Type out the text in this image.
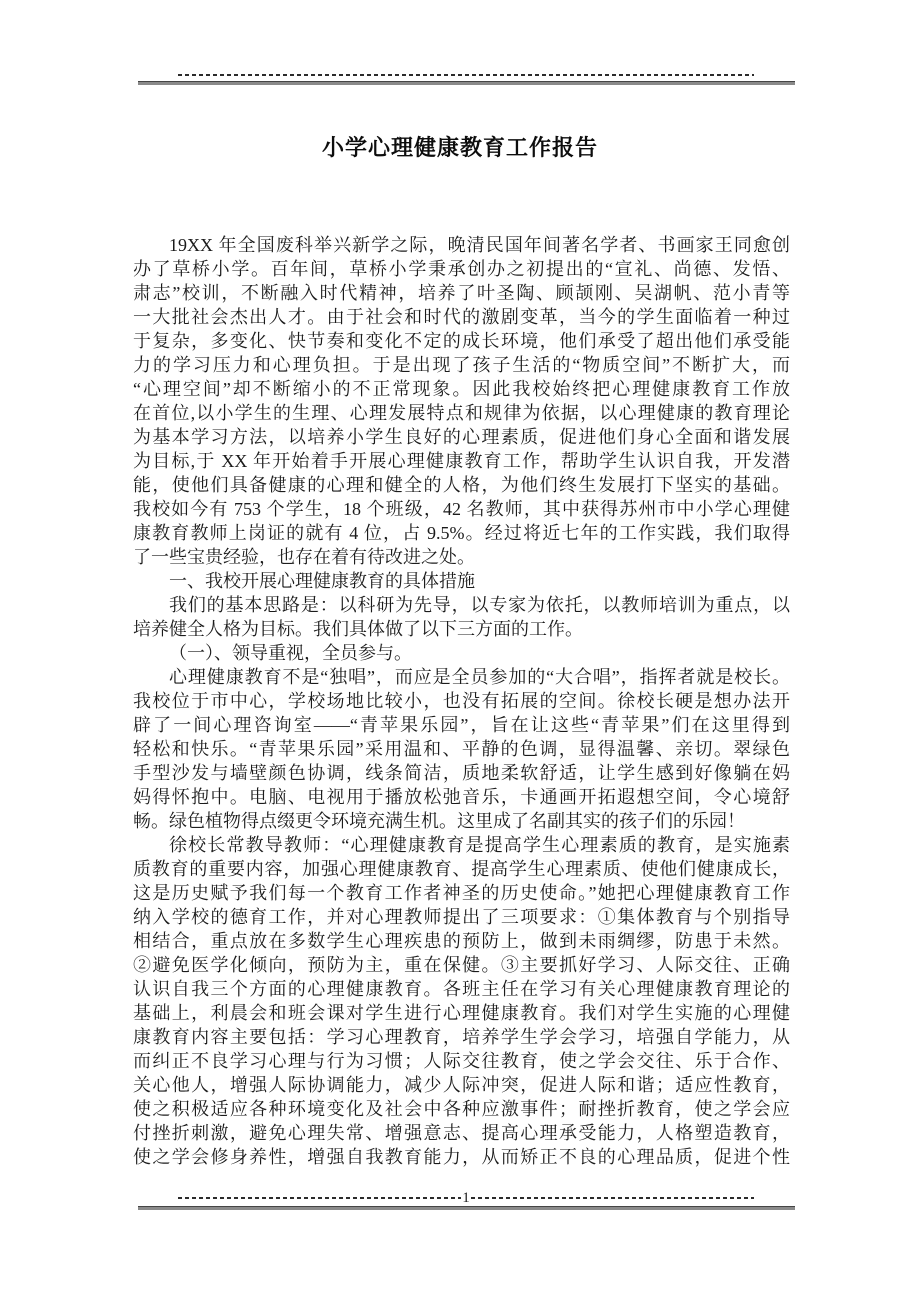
小学心理健康教育工作报告
19XX 年全国废科举兴新学之际，晚清民国年间著名学者、书画家王同愈创
办了草桥小学。百年间，草桥小学秉承创办之初提出的“宣礼、尚德、发悟、
肃志”校训，不断融入时代精神，培养了叶圣陶、顾颉刚、吴湖帆、范小青等
一大批社会杰出人才。由于社会和时代的激剧变革，当今的学生面临着一种过
于复杂，多变化、快节奏和变化不定的成长环境，他们承受了超出他们承受能
力的学习压力和心理负担。于是出现了孩子生活的“物质空间”不断扩大，而
“心理空间”却不断缩小的不正常现象。因此我校始终把心理健康教育工作放
在首位,以小学生的生理、心理发展特点和规律为依据，以心理健康的教育理论
为基本学习方法，以培养小学生良好的心理素质，促进他们身心全面和谐发展
为目标,于 XX 年开始着手开展心理健康教育工作，帮助学生认识自我，开发潜
能，使他们具备健康的心理和健全的人格，为他们终生发展打下坚实的基础。
我校如今有 753 个学生，18 个班级，42 名教师，其中获得苏州市中小学心理健
康教育教师上岗证的就有 4 位，占 9.5%。经过将近七年的工作实践，我们取得
了一些宝贵经验，也存在着有待改进之处。
一、我校开展心理健康教育的具体措施
我们的基本思路是：以科研为先导，以专家为依托，以教师培训为重点，以
培养健全人格为目标。我们具体做了以下三方面的工作。
（一）、领导重视，全员参与。
心理健康教育不是“独唱”，而应是全员参加的“大合唱”，指挥者就是校长。
我校位于市中心，学校场地比较小，也没有拓展的空间。徐校长硬是想办法开
辟了一间心理咨询室——“青苹果乐园”，旨在让这些“青苹果”们在这里得到
轻松和快乐。“青苹果乐园”采用温和、平静的色调，显得温馨、亲切。翠绿色
手型沙发与墙壁颜色协调，线条简洁，质地柔软舒适，让学生感到好像躺在妈
妈得怀抱中。电脑、电视用于播放松弛音乐，卡通画开拓遐想空间，令心境舒
畅。绿色植物得点缀更令环境充满生机。这里成了名副其实的孩子们的乐园！
徐校长常教导教师：“心理健康教育是提高学生心理素质的教育，是实施素
质教育的重要内容，加强心理健康教育、提高学生心理素质、使他们健康成长，
这是历史赋予我们每一个教育工作者神圣的历史使命。”她把心理健康教育工作
纳入学校的德育工作，并对心理教师提出了三项要求：①集体教育与个别指导
相结合，重点放在多数学生心理疾患的预防上，做到未雨绸缪，防患于未然。
②避免医学化倾向，预防为主，重在保健。③主要抓好学习、人际交往、正确
认识自我三个方面的心理健康教育。各班主任在学习有关心理健康教育理论的
基础上，利晨会和班会课对学生进行心理健康教育。我们对学生实施的心理健
康教育内容主要包括：学习心理教育，培养学生学会学习，培强自学能力，从
而纠正不良学习心理与行为习惯；人际交往教育，使之学会交往、乐于合作、
关心他人，增强人际协调能力，减少人际冲突，促进人际和谐；适应性教育，
使之积极适应各种环境变化及社会中各种应激事件；耐挫折教育，使之学会应
付挫折刺激，避免心理失常、增强意志、提高心理承受能力，人格塑造教育，
使之学会修身养性，增强自我教育能力，从而矫正不良的心理品质，促进个性
1
